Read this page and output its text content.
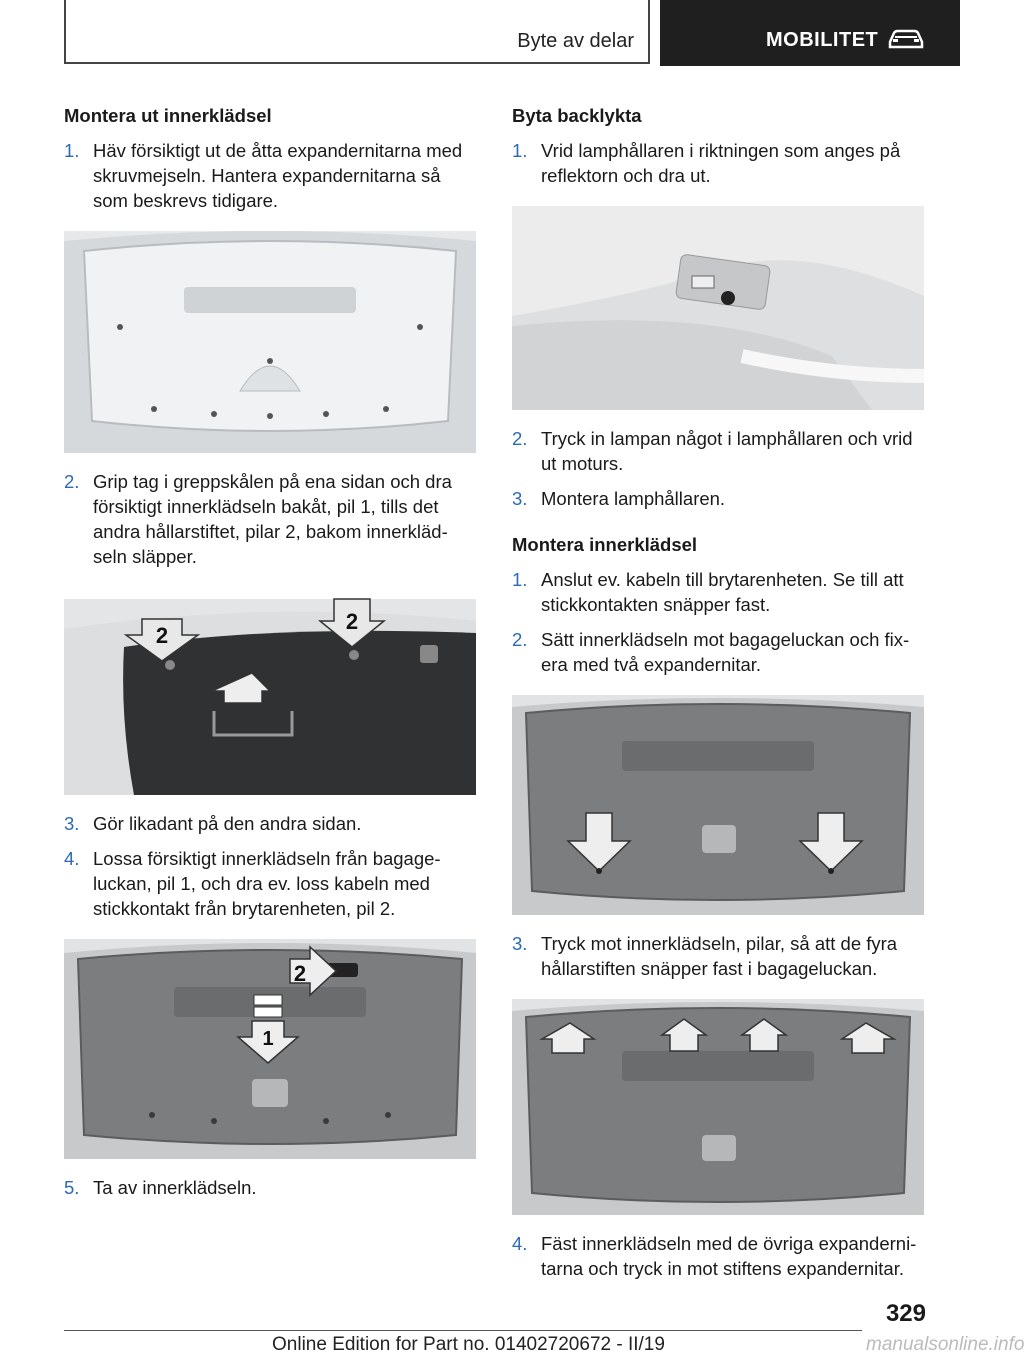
Byte av delar	MOBILITET
Montera ut innerklädsel
1. Häv försiktigt ut de åtta expandernitarna med skruvmejseln. Hantera expandernitarna så som beskrevs tidigare.
2. Grip tag i greppskålen på ena sidan och dra försiktigt innerklädseln bakåt, pil 1, tills det andra hållarstiftet, pilar 2, bakom innerkläd‐seln släpper.
2
2
3. Gör likadant på den andra sidan.
4. Lossa försiktigt innerklädseln från bagage‐luckan, pil 1, och dra ev. loss kabeln med stickkontakt från brytarenheten, pil 2.
2
1
5. Ta av innerklädseln.
Byta backlykta
1. Vrid lamphållaren i riktningen som anges på reflektorn och dra ut.
2. Tryck in lampan något i lamphållaren och vrid ut moturs.
3. Montera lamphållaren.
Montera innerklädsel
1. Anslut ev. kabeln till brytarenheten. Se till att stickkontakten snäpper fast.
2. Sätt innerklädseln mot bagageluckan och fix‐era med två expandernitar.
3. Tryck mot innerklädseln, pilar, så att de fyra hållarstiften snäpper fast i bagageluckan.
4. Fäst innerklädseln med de övriga expanderni‐tarna och tryck in mot stiftens expandernitar.
329
Online Edition for Part no. 01402720672 - II/19	manualsonline.info
